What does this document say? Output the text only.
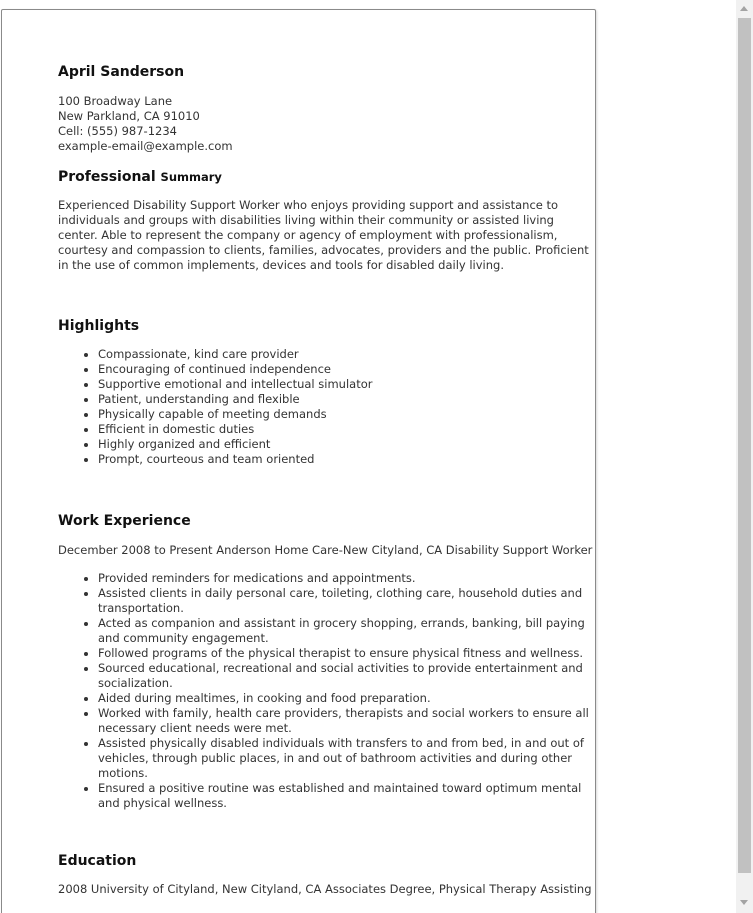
April Sanderson
100 Broadway Lane
New Parkland, CA 91010
Cell: (555) 987-1234
example-email@example.com
Professional Summary

Experienced Disability Support Worker who enjoys providing support and assistance to individuals and groups with disabilities living within their community or assisted living center. Able to represent the company or agency of employment with professionalism, courtesy and compassion to clients, families, advocates, providers and the public. Proficient in the use of common implements, devices and tools for disabled daily living.

Highlights
• Compassionate, kind care provider
• Encouraging of continued independence
• Supportive emotional and intellectual simulator
• Patient, understanding and flexible
• Physically capable of meeting demands
• Efficient in domestic duties
• Highly organized and efficient
• Prompt, courteous and team oriented
Work Experience
December 2008 to Present Anderson Home Care-New Cityland, CA Disability Support Worker
• Provided reminders for medications and appointments.
• Assisted clients in daily personal care, toileting, clothing care, household duties and transportation.
• Acted as companion and assistant in grocery shopping, errands, banking, bill paying and community engagement.
• Followed programs of the physical therapist to ensure physical fitness and wellness.
• Sourced educational, recreational and social activities to provide entertainment and socialization.
• Aided during mealtimes, in cooking and food preparation.
• Worked with family, health care providers, therapists and social workers to ensure all necessary client needs were met.
• Assisted physically disabled individuals with transfers to and from bed, in and out of vehicles, through public places, in and out of bathroom activities and during other motions.
• Ensured a positive routine was established and maintained toward optimum mental and physical wellness.
Education
2008 University of Cityland, New Cityland, CA Associates Degree, Physical Therapy Assisting
